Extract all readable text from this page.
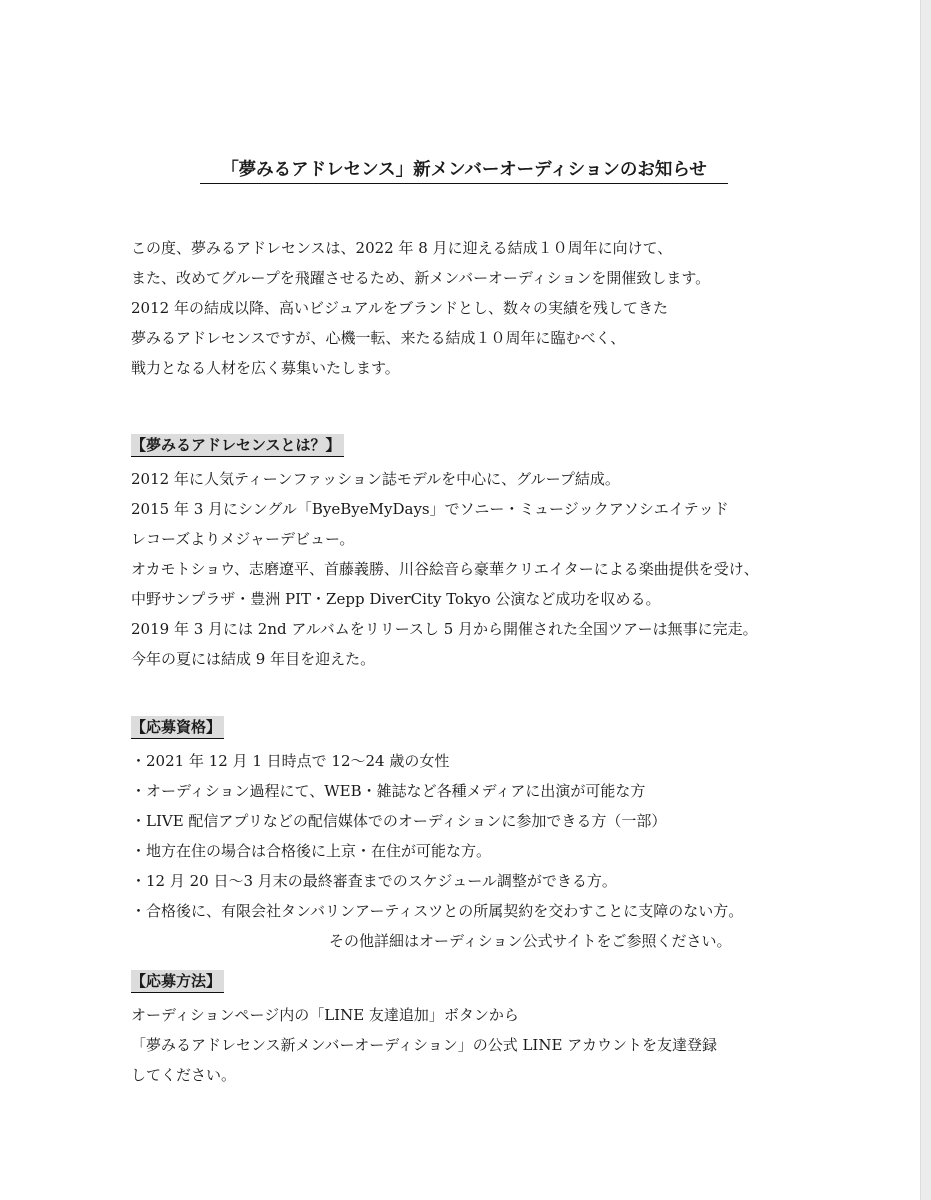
「夢みるアドレセンス」新メンバーオーディションのお知らせ
この度、夢みるアドレセンスは、2022 年 8 月に迎える結成１０周年に向けて、
また、改めてグループを飛躍させるため、新メンバーオーディションを開催致します。
2012 年の結成以降、高いビジュアルをブランドとし、数々の実績を残してきた
夢みるアドレセンスですが、心機一転、来たる結成１０周年に臨むべく、
戦力となる人材を広く募集いたします。
【夢みるアドレセンスとは？】
2012 年に人気ティーンファッション誌モデルを中心に、グループ結成。
2015 年 3 月にシングル「ByeByeMyDays」でソニー・ミュージックアソシエイテッド
レコーズよりメジャーデビュー。
オカモトショウ、志磨遼平、首藤義勝、川谷絵音ら豪華クリエイターによる楽曲提供を受け、
中野サンプラザ・豊洲 PIT・Zepp DiverCity Tokyo 公演など成功を収める。
2019 年 3 月には 2nd アルバムをリリースし 5 月から開催された全国ツアーは無事に完走。
今年の夏には結成 9 年目を迎えた。
【応募資格】
・2021 年 12 月 1 日時点で 12〜24 歳の女性
・オーディション過程にて、WEB・雑誌など各種メディアに出演が可能な方
・LIVE 配信アプリなどの配信媒体でのオーディションに参加できる方（一部）
・地方在住の場合は合格後に上京・在住が可能な方。
・12 月 20 日〜3 月末の最終審査までのスケジュール調整ができる方。
・合格後に、有限会社タンバリンアーティスツとの所属契約を交わすことに支障のない方。
その他詳細はオーディション公式サイトをご参照ください。
【応募方法】
オーディションページ内の「LINE 友達追加」ボタンから
「夢みるアドレセンス新メンバーオーディション」の公式 LINE アカウントを友達登録
してください。
